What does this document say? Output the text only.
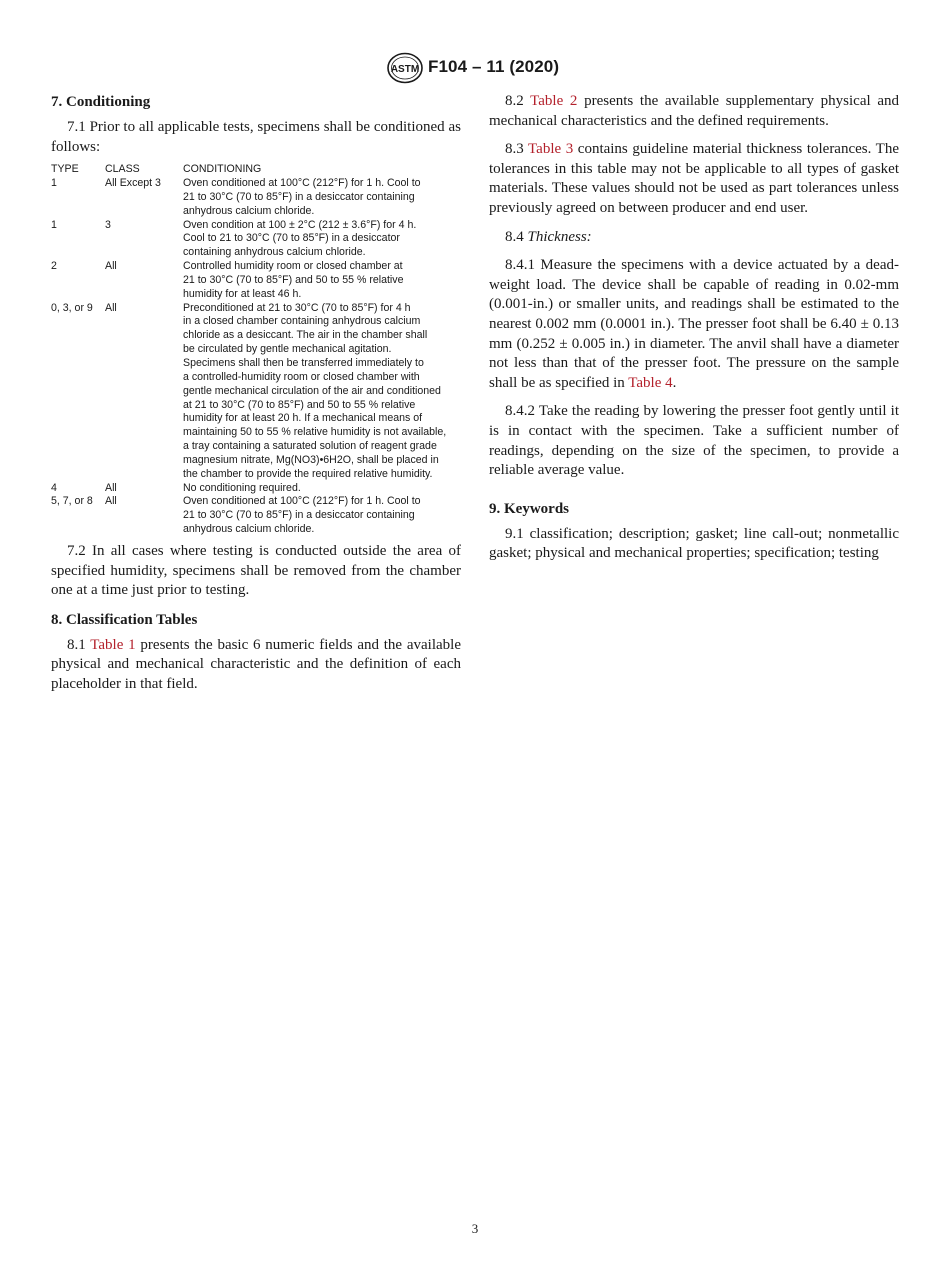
ASTM F104 – 11 (2020)
7. Conditioning

7.1 Prior to all applicable tests, specimens shall be conditioned as follows:

TYPE	CLASS	CONDITIONING
1	All Except 3	Oven conditioned at 100°C (212°F) for 1 h. Cool to
21 to 30°C (70 to 85°F) in a desiccator containing
anhydrous calcium chloride.
1	3	Oven condition at 100 ± 2°C (212 ± 3.6°F) for 4 h.
Cool to 21 to 30°C (70 to 85°F) in a desiccator
containing anhydrous calcium chloride.
2	All	Controlled humidity room or closed chamber at
21 to 30°C (70 to 85°F) and 50 to 55 % relative
humidity for at least 46 h.
0, 3, or 9	All	Preconditioned at 21 to 30°C (70 to 85°F) for 4 h
in a closed chamber containing anhydrous calcium
chloride as a desiccant. The air in the chamber shall
be circulated by gentle mechanical agitation.
Specimens shall then be transferred immediately to
a controlled-humidity room or closed chamber with
gentle mechanical circulation of the air and conditioned
at 21 to 30°C (70 to 85°F) and 50 to 55 % relative
humidity for at least 20 h. If a mechanical means of
maintaining 50 to 55 % relative humidity is not available,
a tray containing a saturated solution of reagent grade
magnesium nitrate, Mg(NO3)•6H2O, shall be placed in
the chamber to provide the required relative humidity.
4	All	No conditioning required.
5, 7, or 8	All	Oven conditioned at 100°C (212°F) for 1 h. Cool to
21 to 30°C (70 to 85°F) in a desiccator containing
anhydrous calcium chloride.

7.2 In all cases where testing is conducted outside the area of specified humidity, specimens shall be removed from the chamber one at a time just prior to testing.

8. Classification Tables

8.1 Table 1 presents the basic 6 numeric fields and the available physical and mechanical characteristic and the definition of each placeholder in that field.

8.2 Table 2 presents the available supplementary physical and mechanical characteristics and the defined requirements.

8.3 Table 3 contains guideline material thickness tolerances. The tolerances in this table may not be applicable to all types of gasket materials. These values should not be used as part tolerances unless previously agreed on between producer and end user.

8.4 Thickness:

8.4.1 Measure the specimens with a device actuated by a dead-weight load. The device shall be capable of reading in 0.02-mm (0.001-in.) or smaller units, and readings shall be estimated to the nearest 0.002 mm (0.0001 in.). The presser foot shall be 6.40 ± 0.13 mm (0.252 ± 0.005 in.) in diameter. The anvil shall have a diameter not less than that of the presser foot. The pressure on the sample shall be as specified in Table 4.

8.4.2 Take the reading by lowering the presser foot gently until it is in contact with the specimen. Take a sufficient number of readings, depending on the size of the specimen, to provide a reliable average value.

9. Keywords

9.1 classification; description; gasket; line call-out; nonmetallic gasket; physical and mechanical properties; specification; testing

3
